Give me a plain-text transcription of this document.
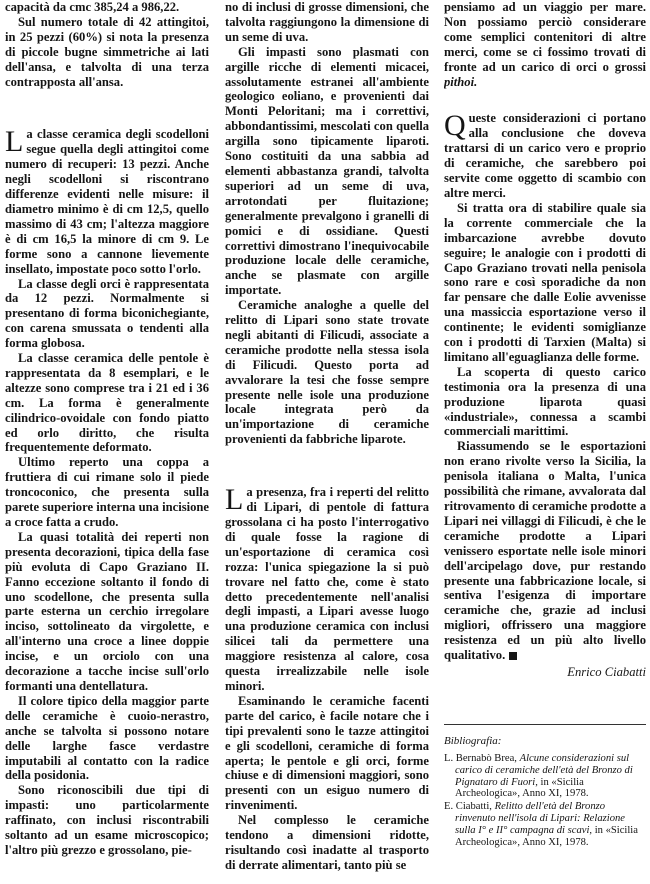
capacità da cmc 385,24 a 986,22.

Sul numero totale di 42 attingitoi, in 25 pezzi (60%) si nota la presenza di piccole bugne simmetriche ai lati dell'ansa, e talvolta di una terza contrapposta all'ansa.

La classe ceramica degli scodelloni segue quella degli attingitoi come numero di recuperi: 13 pezzi. Anche negli scodelloni si riscontrano differenze evidenti nelle misure: il diametro minimo è di cm 12,5, quello massimo di 43 cm; l'altezza maggiore è di cm 16,5 la minore di cm 9. Le forme sono a cannone lievemente insellato, impostate poco sotto l'orlo.

La classe degli orci è rappresentata da 12 pezzi. Normalmente si presentano di forma biconichegiante, con carena smussata o tendenti alla forma globosa.

La classe ceramica delle pentole è rappresentata da 8 esemplari, e le altezze sono comprese tra i 21 ed i 36 cm. La forma è generalmente cilindrico-ovoidale con fondo piatto ed orlo diritto, che risulta frequentemente deformato.

Ultimo reperto una coppa a fruttiera di cui rimane solo il piede troncoconico, che presenta sulla parete superiore interna una incisione a croce fatta a crudo.

La quasi totalità dei reperti non presenta decorazioni, tipica della fase più evoluta di Capo Graziano II. Fanno eccezione soltanto il fondo di uno scodellone, che presenta sulla parte esterna un cerchio irregolare inciso, sottolineato da virgolette, e all'interno una croce a linee doppie incise, e un orciolo con una decorazione a tacche incise sull'orlo formanti una dentellatura.

Il colore tipico della maggior parte delle ceramiche è cuoio-nerastro, anche se talvolta si possono notare delle larghe fasce verdastre imputabili al contatto con la radice della posidonia.

Sono riconoscibili due tipi di impasti: uno particolarmente raffinato, con inclusi riscontrabili soltanto ad un esame microscopico; l'altro più grezzo e grossolano, pie-

no di inclusi di grosse dimensioni, che talvolta raggiungono la dimensione di un seme di uva.

Gli impasti sono plasmati con argille ricche di elementi micacei, assolutamente estranei all'ambiente geologico eoliano, e provenienti dai Monti Peloritani; ma i correttivi, abbondantissimi, mescolati con quella argilla sono tipicamente liparoti. Sono costituiti da una sabbia ad elementi abbastanza grandi, talvolta superiori ad un seme di uva, arrotondati per fluitazione; generalmente prevalgono i granelli di pomici e di ossidiane. Questi correttivi dimostrano l'inequivocabile produzione locale delle ceramiche, anche se plasmate con argille importate.

Ceramiche analoghe a quelle del relitto di Lipari sono state trovate negli abitanti di Filicudi, associate a ceramiche prodotte nella stessa isola di Filicudi. Questo porta ad avvalorare la tesi che fosse sempre presente nelle isole una produzione locale integrata però da un'importazione di ceramiche provenienti da fabbriche liparote.

La presenza, fra i reperti del relitto di Lipari, di pentole di fattura grossolana ci ha posto l'interrogativo di quale fosse la ragione di un'esportazione di ceramica così rozza: l'unica spiegazione la si può trovare nel fatto che, come è stato detto precedentemente nell'analisi degli impasti, a Lipari avesse luogo una produzione ceramica con inclusi silicei tali da permettere una maggiore resistenza al calore, cosa questa irrealizzabile nelle isole minori.

Esaminando le ceramiche facenti parte del carico, è facile notare che i tipi prevalenti sono le tazze attingitoi e gli scodelloni, ceramiche di forma aperta; le pentole e gli orci, forme chiuse e di dimensioni maggiori, sono presenti con un esiguo numero di rinvenimenti.

Nel complesso le ceramiche tendono a dimensioni ridotte, risultando così inadatte al trasporto di derrate alimentari, tanto più se

pensiamo ad un viaggio per mare. Non possiamo perciò considerare come semplici contenitori di altre merci, come se ci fossimo trovati di fronte ad un carico di orci o grossi pithoi.

Queste considerazioni ci portano alla conclusione che doveva trattarsi di un carico vero e proprio di ceramiche, che sarebbero poi servite come oggetto di scambio con altre merci.

Si tratta ora di stabilire quale sia la corrente commerciale che la imbarcazione avrebbe dovuto seguire; le analogie con i prodotti di Capo Graziano trovati nella penisola sono rare e così sporadiche da non far pensare che dalle Eolie avvenisse una massiccia esportazione verso il continente; le evidenti somiglianze con i prodotti di Tarxien (Malta) si limitano all'eguaglianza delle forme.

La scoperta di questo carico testimonia ora la presenza di una produzione liparota quasi «industriale», connessa a scambi commerciali marittimi.

Riassumendo se le esportazioni non erano rivolte verso la Sicilia, la penisola italiana o Malta, l'unica possibilità che rimane, avvalorata dal ritrovamento di ceramiche prodotte a Lipari nei villaggi di Filicudi, è che le ceramiche prodotte a Lipari venissero esportate nelle isole minori dell'arcipelago dove, pur restando presente una fabbricazione locale, si sentiva l'esigenza di importare ceramiche che, grazie ad inclusi migliori, offrissero una maggiore resistenza ed un più alto livello qualitativo.

Enrico Ciabatti
Bibliografia:
L. Bernabò Brea, Alcune considerazioni sul carico di ceramiche dell'età del Bronzo di Pignataro di Fuori, in «Sicilia Archeologica», Anno XI, 1978.
E. Ciabatti, Relitto dell'età del Bronzo rinvenuto nell'isola di Lipari: Relazione sulla I° e II° campagna di scavi, in «Sicilia Archeologica», Anno XI, 1978.
